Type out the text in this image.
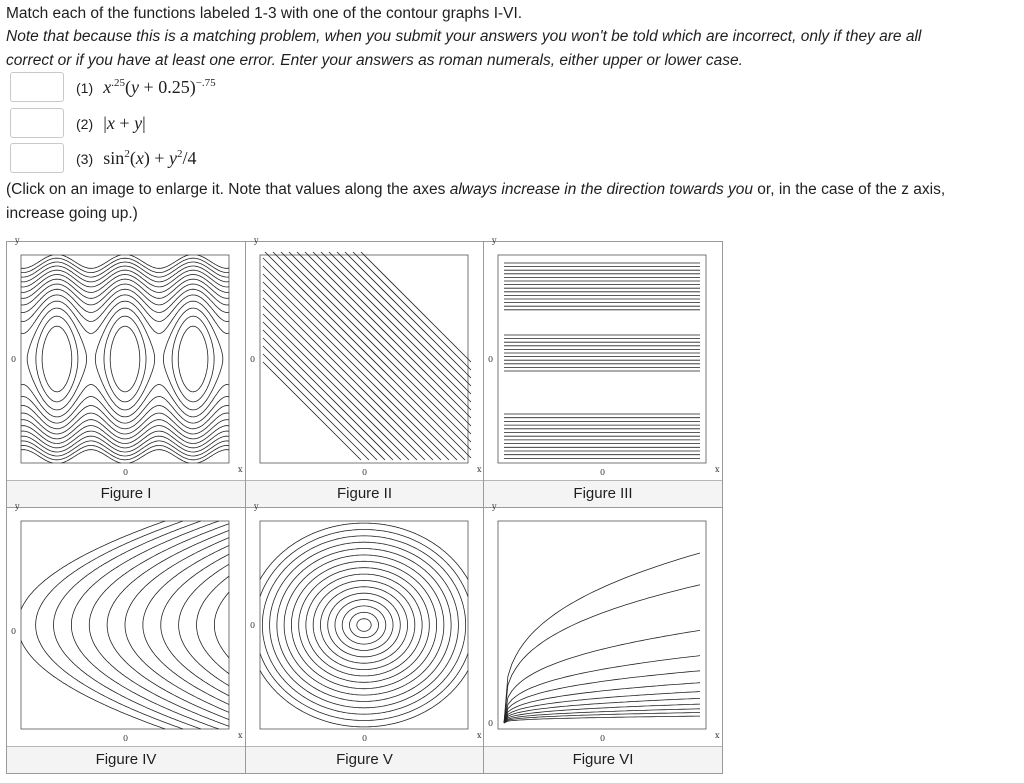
Match each of the functions labeled 1-3 with one of the contour graphs I-VI.
Note that because this is a matching problem, when you submit your answers you won't be told which are incorrect, only if they are all
correct or if you have at least one error. Enter your answers as roman numerals, either upper or lower case.
(1) $x^{.25}(y + 0.25)^{-.75}$
(2) |x + y|
(3) $\sin^2(x) + y^2/4$
(Click on an image to enlarge it. Note that values along the axes always increase in the direction towards you or, in the case of the z axis,
increase going up.)
y
0
x
0
Figure I
y
0
x
0
Figure II
y
0
x
0
Figure III
y
0
x
0
Figure IV
y
0
x
0
Figure V
y
0
x
0
Figure VI
